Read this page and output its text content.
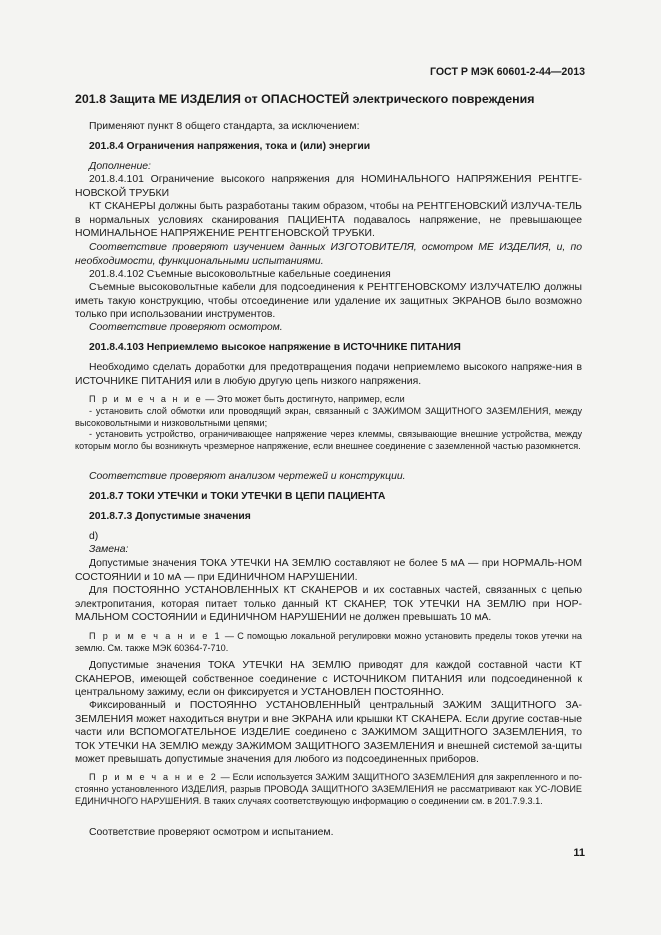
ГОСТ Р МЭК 60601-2-44—2013
201.8 Защита ME ИЗДЕЛИЯ от ОПАСНОСТЕЙ электрического повреждения

Применяют пункт 8 общего стандарта, за исключением:

201.8.4 Ограничения напряжения, тока и (или) энергии

Дополнение:

201.8.4.101 Ограничение высокого напряжения для НОМИНАЛЬНОГО НАПРЯЖЕНИЯ РЕНТГЕ-НОВСКОЙ ТРУБКИ

КТ СКАНЕРЫ должны быть разработаны таким образом, чтобы на РЕНТГЕНОВСКИЙ ИЗЛУЧА-ТЕЛЬ в нормальных условиях сканирования ПАЦИЕНТА подавалось напряжение, не превышающее НОМИНАЛЬНОЕ НАПРЯЖЕНИЕ РЕНТГЕНОВСКОЙ ТРУБКИ.

Соответствие проверяют изучением данных ИЗГОТОВИТЕЛЯ, осмотром ME ИЗДЕЛИЯ, и, по необходимости, функциональными испытаниями.

201.8.4.102 Съемные высоковольтные кабельные соединения

Съемные высоковольтные кабели для подсоединения к РЕНТГЕНОВСКОМУ ИЗЛУЧАТЕЛЮ должны иметь такую конструкцию, чтобы отсоединение или удаление их защитных ЭКРАНОВ было возможно только при использовании инструментов.

Соответствие проверяют осмотром.

201.8.4.103 Неприемлемо высокое напряжение в ИСТОЧНИКЕ ПИТАНИЯ

Необходимо сделать доработки для предотвращения подачи неприемлемо высокого напряже-ния в ИСТОЧНИКЕ ПИТАНИЯ или в любую другую цепь низкого напряжения.

П р и м е ч а н и е — Это может быть достигнуто, например, если

- установить слой обмотки или проводящий экран, связанный с ЗАЖИМОМ ЗАЩИТНОГО ЗАЗЕМЛЕНИЯ, между высоковольтными и низковольтными цепями;

- установить устройство, ограничивающее напряжение через клеммы, связывающие внешние устройства, между которым могло бы возникнуть чрезмерное напряжение, если внешнее соединение с заземленной частью разомкнется.

Соответствие проверяют анализом чертежей и конструкции.

201.8.7 ТОКИ УТЕЧКИ и ТОКИ УТЕЧКИ В ЦЕПИ ПАЦИЕНТА

201.8.7.3 Допустимые значения

d)

Замена:

Допустимые значения ТОКА УТЕЧКИ НА ЗЕМЛЮ составляют не более 5 мА — при НОРМАЛЬ-НОМ СОСТОЯНИИ и 10 мА — при ЕДИНИЧНОМ НАРУШЕНИИ.

Для ПОСТОЯННО УСТАНОВЛЕННЫХ КТ СКАНЕРОВ и их составных частей, связанных с цепью электропитания, которая питает только данный КТ СКАНЕР, ТОК УТЕЧКИ НА ЗЕМЛЮ при НОР-МАЛЬНОМ СОСТОЯНИИ и ЕДИНИЧНОМ НАРУШЕНИИ не должен превышать 10 мА.

П р и м е ч а н и е 1 — С помощью локальной регулировки можно установить пределы токов утечки на землю. См. также МЭК 60364-7-710.

Допустимые значения ТОКА УТЕЧКИ НА ЗЕМЛЮ приводят для каждой составной части КТ СКАНЕРОВ, имеющей собственное соединение с ИСТОЧНИКОМ ПИТАНИЯ или подсоединенной к центральному зажиму, если он фиксируется и УСТАНОВЛЕН ПОСТОЯННО.

Фиксированный и ПОСТОЯННО УСТАНОВЛЕННЫЙ центральный ЗАЖИМ ЗАЩИТНОГО ЗА-ЗЕМЛЕНИЯ может находиться внутри и вне ЭКРАНА или крышки КТ СКАНЕРА. Если другие состав-ные части или ВСПОМОГАТЕЛЬНОЕ ИЗДЕЛИЕ соединено с ЗАЖИМОМ ЗАЩИТНОГО ЗАЗЕМЛЕНИЯ, то ТОК УТЕЧКИ НА ЗЕМЛЮ между ЗАЖИМОМ ЗАЩИТНОГО ЗАЗЕМЛЕНИЯ и внешней системой за-щиты может превышать допустимые значения для любого из подсоединенных приборов.

П р и м е ч а н и е 2 — Если используется ЗАЖИМ ЗАЩИТНОГО ЗАЗЕМЛЕНИЯ для закрепленного и по-стоянно установленного ИЗДЕЛИЯ, разрыв ПРОВОДА ЗАЩИТНОГО ЗАЗЕМЛЕНИЯ не рассматривают как УС-ЛОВИЕ ЕДИНИЧНОГО НАРУШЕНИЯ. В таких случаях соответствующую информацию о соединении см. в 201.7.9.3.1.

Соответствие проверяют осмотром и испытанием.

11
